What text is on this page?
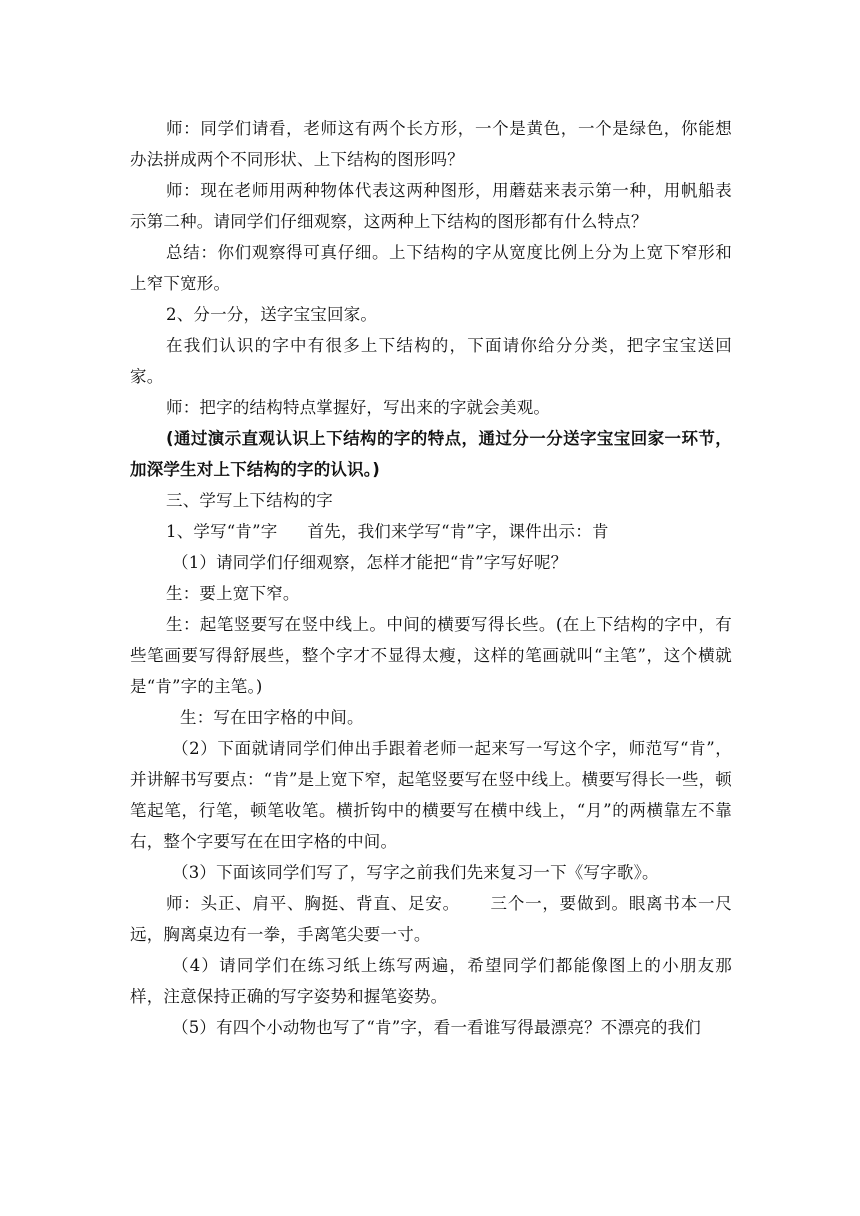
师：同学们请看，老师这有两个长方形，一个是黄色，一个是绿色，你能想办法拼成两个不同形状、上下结构的图形吗？

师：现在老师用两种物体代表这两种图形，用蘑菇来表示第一种，用帆船表示第二种。请同学们仔细观察，这两种上下结构的图形都有什么特点？

总结：你们观察得可真仔细。上下结构的字从宽度比例上分为上宽下窄形和上窄下宽形。

2、分一分，送字宝宝回家。

在我们认识的字中有很多上下结构的，下面请你给分分类，把字宝宝送回家。

师：把字的结构特点掌握好，写出来的字就会美观。

(通过演示直观认识上下结构的字的特点，通过分一分送字宝宝回家一环节，加深学生对上下结构的字的认识。)

三、学写上下结构的字

1、学写“肯”字 首先，我们来学写“肯”字，课件出示：肯

（1）请同学们仔细观察，怎样才能把“肯”字写好呢？

生：要上宽下窄。

生：起笔竖要写在竖中线上。中间的横要写得长些。(在上下结构的字中，有些笔画要写得舒展些，整个字才不显得太瘦，这样的笔画就叫“主笔”，这个横就是“肯”字的主笔。)

生：写在田字格的中间。

（2）下面就请同学们伸出手跟着老师一起来写一写这个字，师范写“肯”，并讲解书写要点：“肯”是上宽下窄，起笔竖要写在竖中线上。横要写得长一些，顿笔起笔，行笔，顿笔收笔。横折钩中的横要写在横中线上，“月”的两横靠左不靠右，整个字要写在在田字格的中间。

（3）下面该同学们写了，写字之前我们先来复习一下《写字歌》。

师：头正、肩平、胸挺、背直、足安。 三个一，要做到。眼离书本一尺远，胸离桌边有一拳，手离笔尖要一寸。

（4）请同学们在练习纸上练写两遍，希望同学们都能像图上的小朋友那样，注意保持正确的写字姿势和握笔姿势。

（5）有四个小动物也写了“肯”字，看一看谁写得最漂亮？不漂亮的我们
